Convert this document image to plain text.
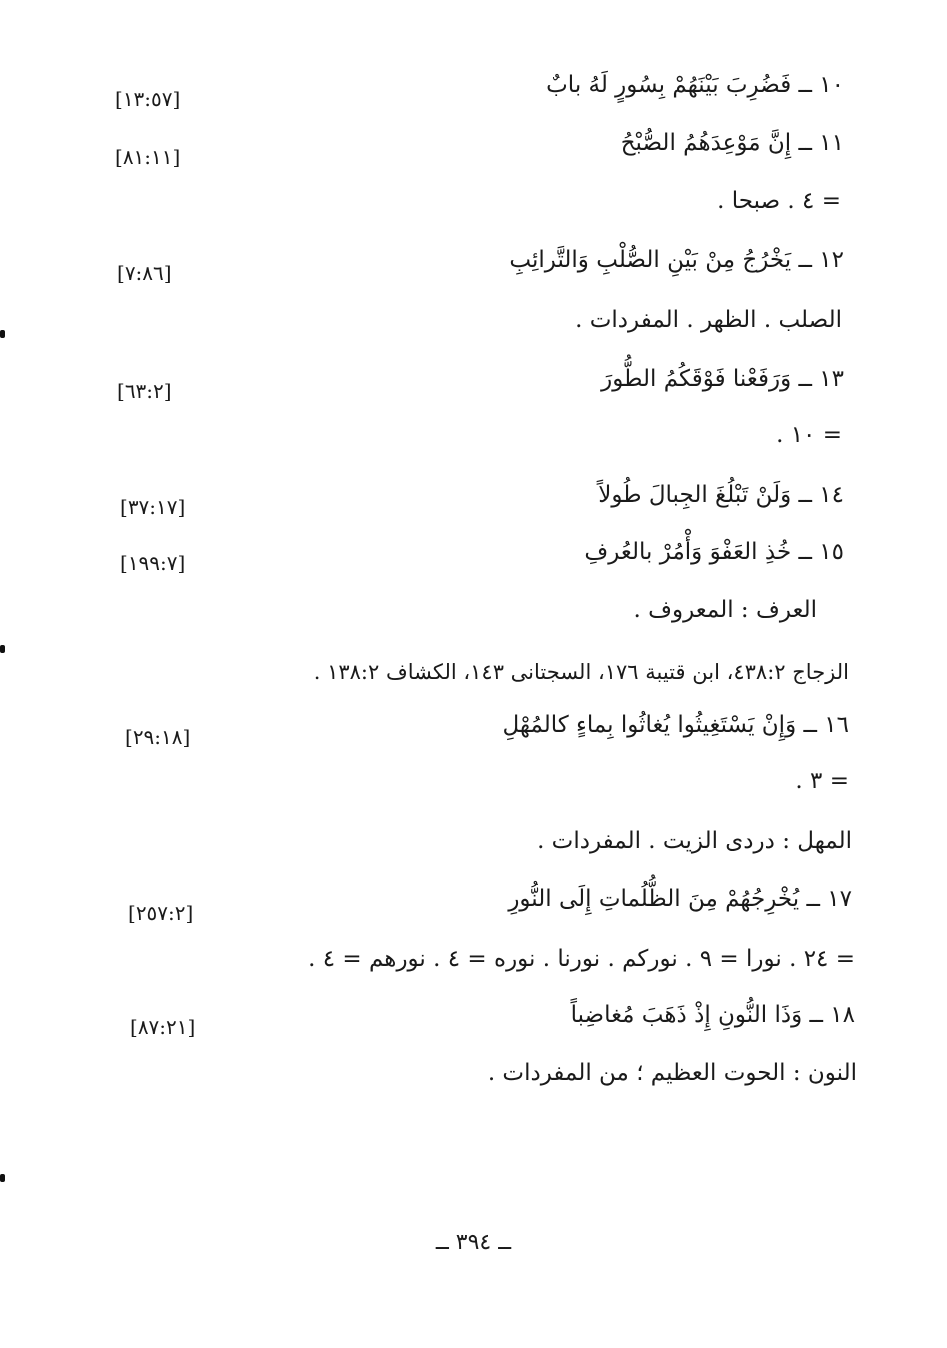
١٠ ــ فَضُرِبَ بَيْنَهُمْ بِسُورٍ لَهُ بابٌ
[١٣:٥٧]
١١ ــ إِنَّ مَوْعِدَهُمُ الصُّبْحُ
[٨١:١١]
= ٤ . صبحا .
١٢ ــ يَخْرُجُ مِنْ بَيْنِ الصُّلْبِ وَالتَّرائِبِ
[٧:٨٦]
الصلب . الظهر . المفردات .
١٣ ــ وَرَفَعْنا فَوْقَكُمُ الطُّورَ
[٦٣:٢]
= ١٠ .
١٤ ــ وَلَنْ تَبْلُغَ الجِبالَ طُولاً
[٣٧:١٧]
١٥ ــ خُذِ العَفْوَ وَأْمُرْ بالعُرفِ
[١٩٩:٧]
العرف : المعروف .
الزجاج ٤٣٨:٢، ابن قتيبة ١٧٦، السجتانى ١٤٣، الكشاف ١٣٨:٢ .
١٦ ــ وَإِنْ يَسْتَغِيثُوا يُغاثُوا بِماءٍ كالمُهْلِ
[٢٩:١٨]
= ٣ .
المهل : دردى الزيت . المفردات .
١٧ ــ يُخْرِجُهُمْ مِنَ الظُّلُماتِ إِلَى النُّورِ
[٢٥٧:٢]
= ٢٤ . نورا = ٩ . نوركم . نورنا . نوره = ٤ . نورهم = ٤ .
١٨ ــ وَذَا النُّونِ إِذْ ذَهَبَ مُغاضِباً
[٨٧:٢١]
النون : الحوت العظيم ؛ من المفردات .
ــ ٣٩٤ ــ
